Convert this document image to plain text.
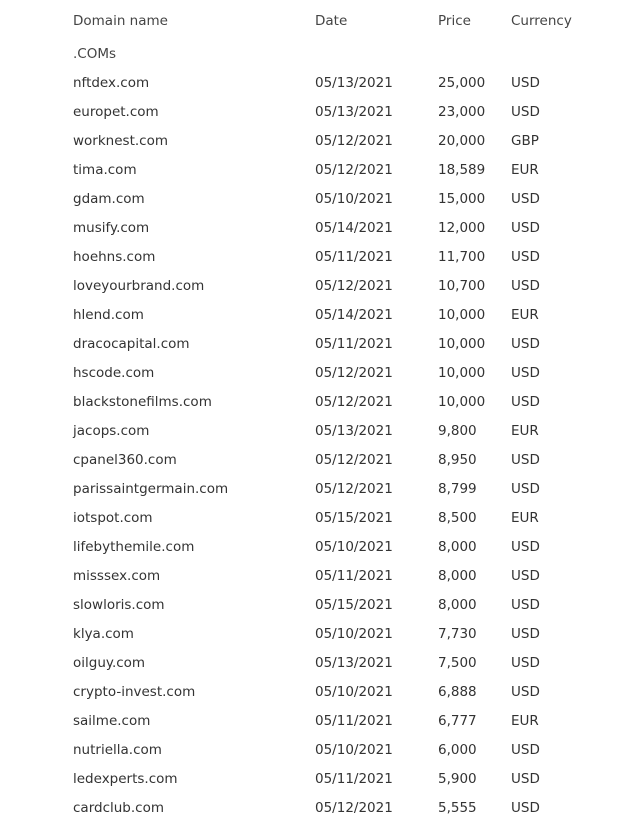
Domain name	Date	Price	Currency
.COMs
nftdex.com	05/13/2021	25,000 USD
europet.com	05/13/2021	23,000 USD
worknest.com	05/12/2021	20,000 GBP
tima.com	05/12/2021	18,589 EUR
gdam.com	05/10/2021	15,000 USD
musify.com	05/14/2021	12,000 USD
hoehns.com	05/11/2021	11,700 USD
loveyourbrand.com	05/12/2021	10,700 USD
hlend.com	05/14/2021	10,000 EUR
dracocapital.com	05/11/2021	10,000 USD
hscode.com	05/12/2021	10,000 USD
blackstonefilms.com	05/12/2021	10,000 USD
jacops.com	05/13/2021	9,800	EUR
cpanel360.com	05/12/2021	8,950	USD
parissaintgermain.com	05/12/2021	8,799	USD
iotspot.com	05/15/2021	8,500	EUR
lifebythemile.com	05/10/2021	8,000	USD
misssex.com	05/11/2021	8,000	USD
slowloris.com	05/15/2021	8,000	USD
klya.com	05/10/2021	7,730	USD
oilguy.com	05/13/2021	7,500	USD
crypto-invest.com	05/10/2021	6,888	USD
sailme.com	05/11/2021	6,777	EUR
nutriella.com	05/10/2021	6,000	USD
ledexperts.com	05/11/2021	5,900	USD
cardclub.com	05/12/2021	5,555	USD
